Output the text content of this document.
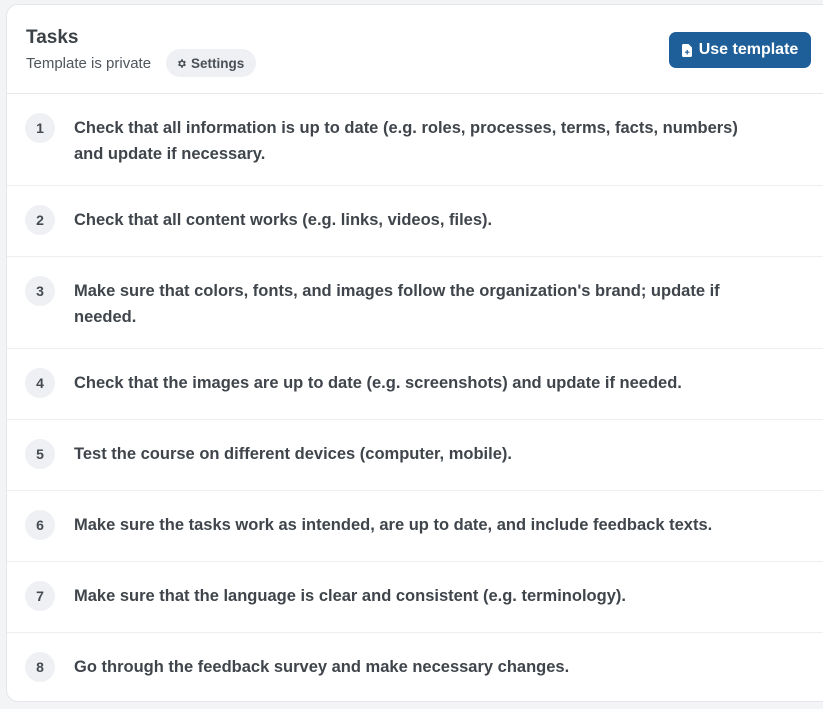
Tasks
Template is private	Settings
Use template
1	Check that all information is up to date (e.g. roles, processes, terms, facts, numbers) and update if necessary.
2	Check that all content works (e.g. links, videos, files).
3	Make sure that colors, fonts, and images follow the organization's brand; update if needed.
4	Check that the images are up to date (e.g. screenshots) and update if needed.
5	Test the course on different devices (computer, mobile).
6	Make sure the tasks work as intended, are up to date, and include feedback texts.
7	Make sure that the language is clear and consistent (e.g. terminology).
8	Go through the feedback survey and make necessary changes.
